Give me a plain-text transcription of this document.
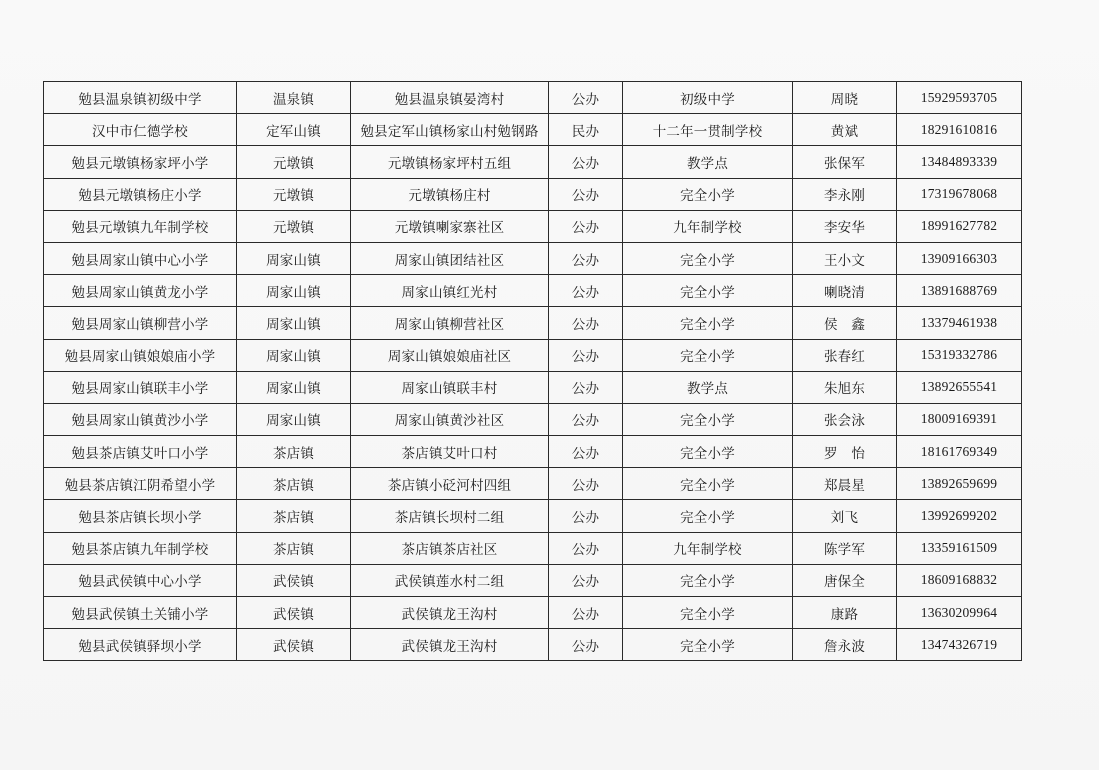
勉县温泉镇初级中学	温泉镇	勉县温泉镇晏湾村	公办	初级中学	周晓	15929593705
汉中市仁德学校	定军山镇	勉县定军山镇杨家山村勉钢路	民办	十二年一贯制学校	黄斌	18291610816
勉县元墩镇杨家坪小学	元墩镇	元墩镇杨家坪村五组	公办	教学点	张保军	13484893339
勉县元墩镇杨庄小学	元墩镇	元墩镇杨庄村	公办	完全小学	李永刚	17319678068
勉县元墩镇九年制学校	元墩镇	元墩镇喇家寨社区	公办	九年制学校	李安华	18991627782
勉县周家山镇中心小学	周家山镇	周家山镇团结社区	公办	完全小学	王小文	13909166303
勉县周家山镇黄龙小学	周家山镇	周家山镇红光村	公办	完全小学	喇晓清	13891688769
勉县周家山镇柳营小学	周家山镇	周家山镇柳营社区	公办	完全小学	侯　鑫	13379461938
勉县周家山镇娘娘庙小学	周家山镇	周家山镇娘娘庙社区	公办	完全小学	张春红	15319332786
勉县周家山镇联丰小学	周家山镇	周家山镇联丰村	公办	教学点	朱旭东	13892655541
勉县周家山镇黄沙小学	周家山镇	周家山镇黄沙社区	公办	完全小学	张会泳	18009169391
勉县茶店镇艾叶口小学	茶店镇	茶店镇艾叶口村	公办	完全小学	罗　怡	18161769349
勉县茶店镇江阴希望小学	茶店镇	茶店镇小砭河村四组	公办	完全小学	郑晨星	13892659699
勉县茶店镇长坝小学	茶店镇	茶店镇长坝村二组	公办	完全小学	刘飞	13992699202
勉县茶店镇九年制学校	茶店镇	茶店镇茶店社区	公办	九年制学校	陈学军	13359161509
勉县武侯镇中心小学	武侯镇	武侯镇莲水村二组	公办	完全小学	唐保全	18609168832
勉县武侯镇土关铺小学	武侯镇	武侯镇龙王沟村	公办	完全小学	康路	13630209964
勉县武侯镇驿坝小学	武侯镇	武侯镇龙王沟村	公办	完全小学	詹永波	13474326719
